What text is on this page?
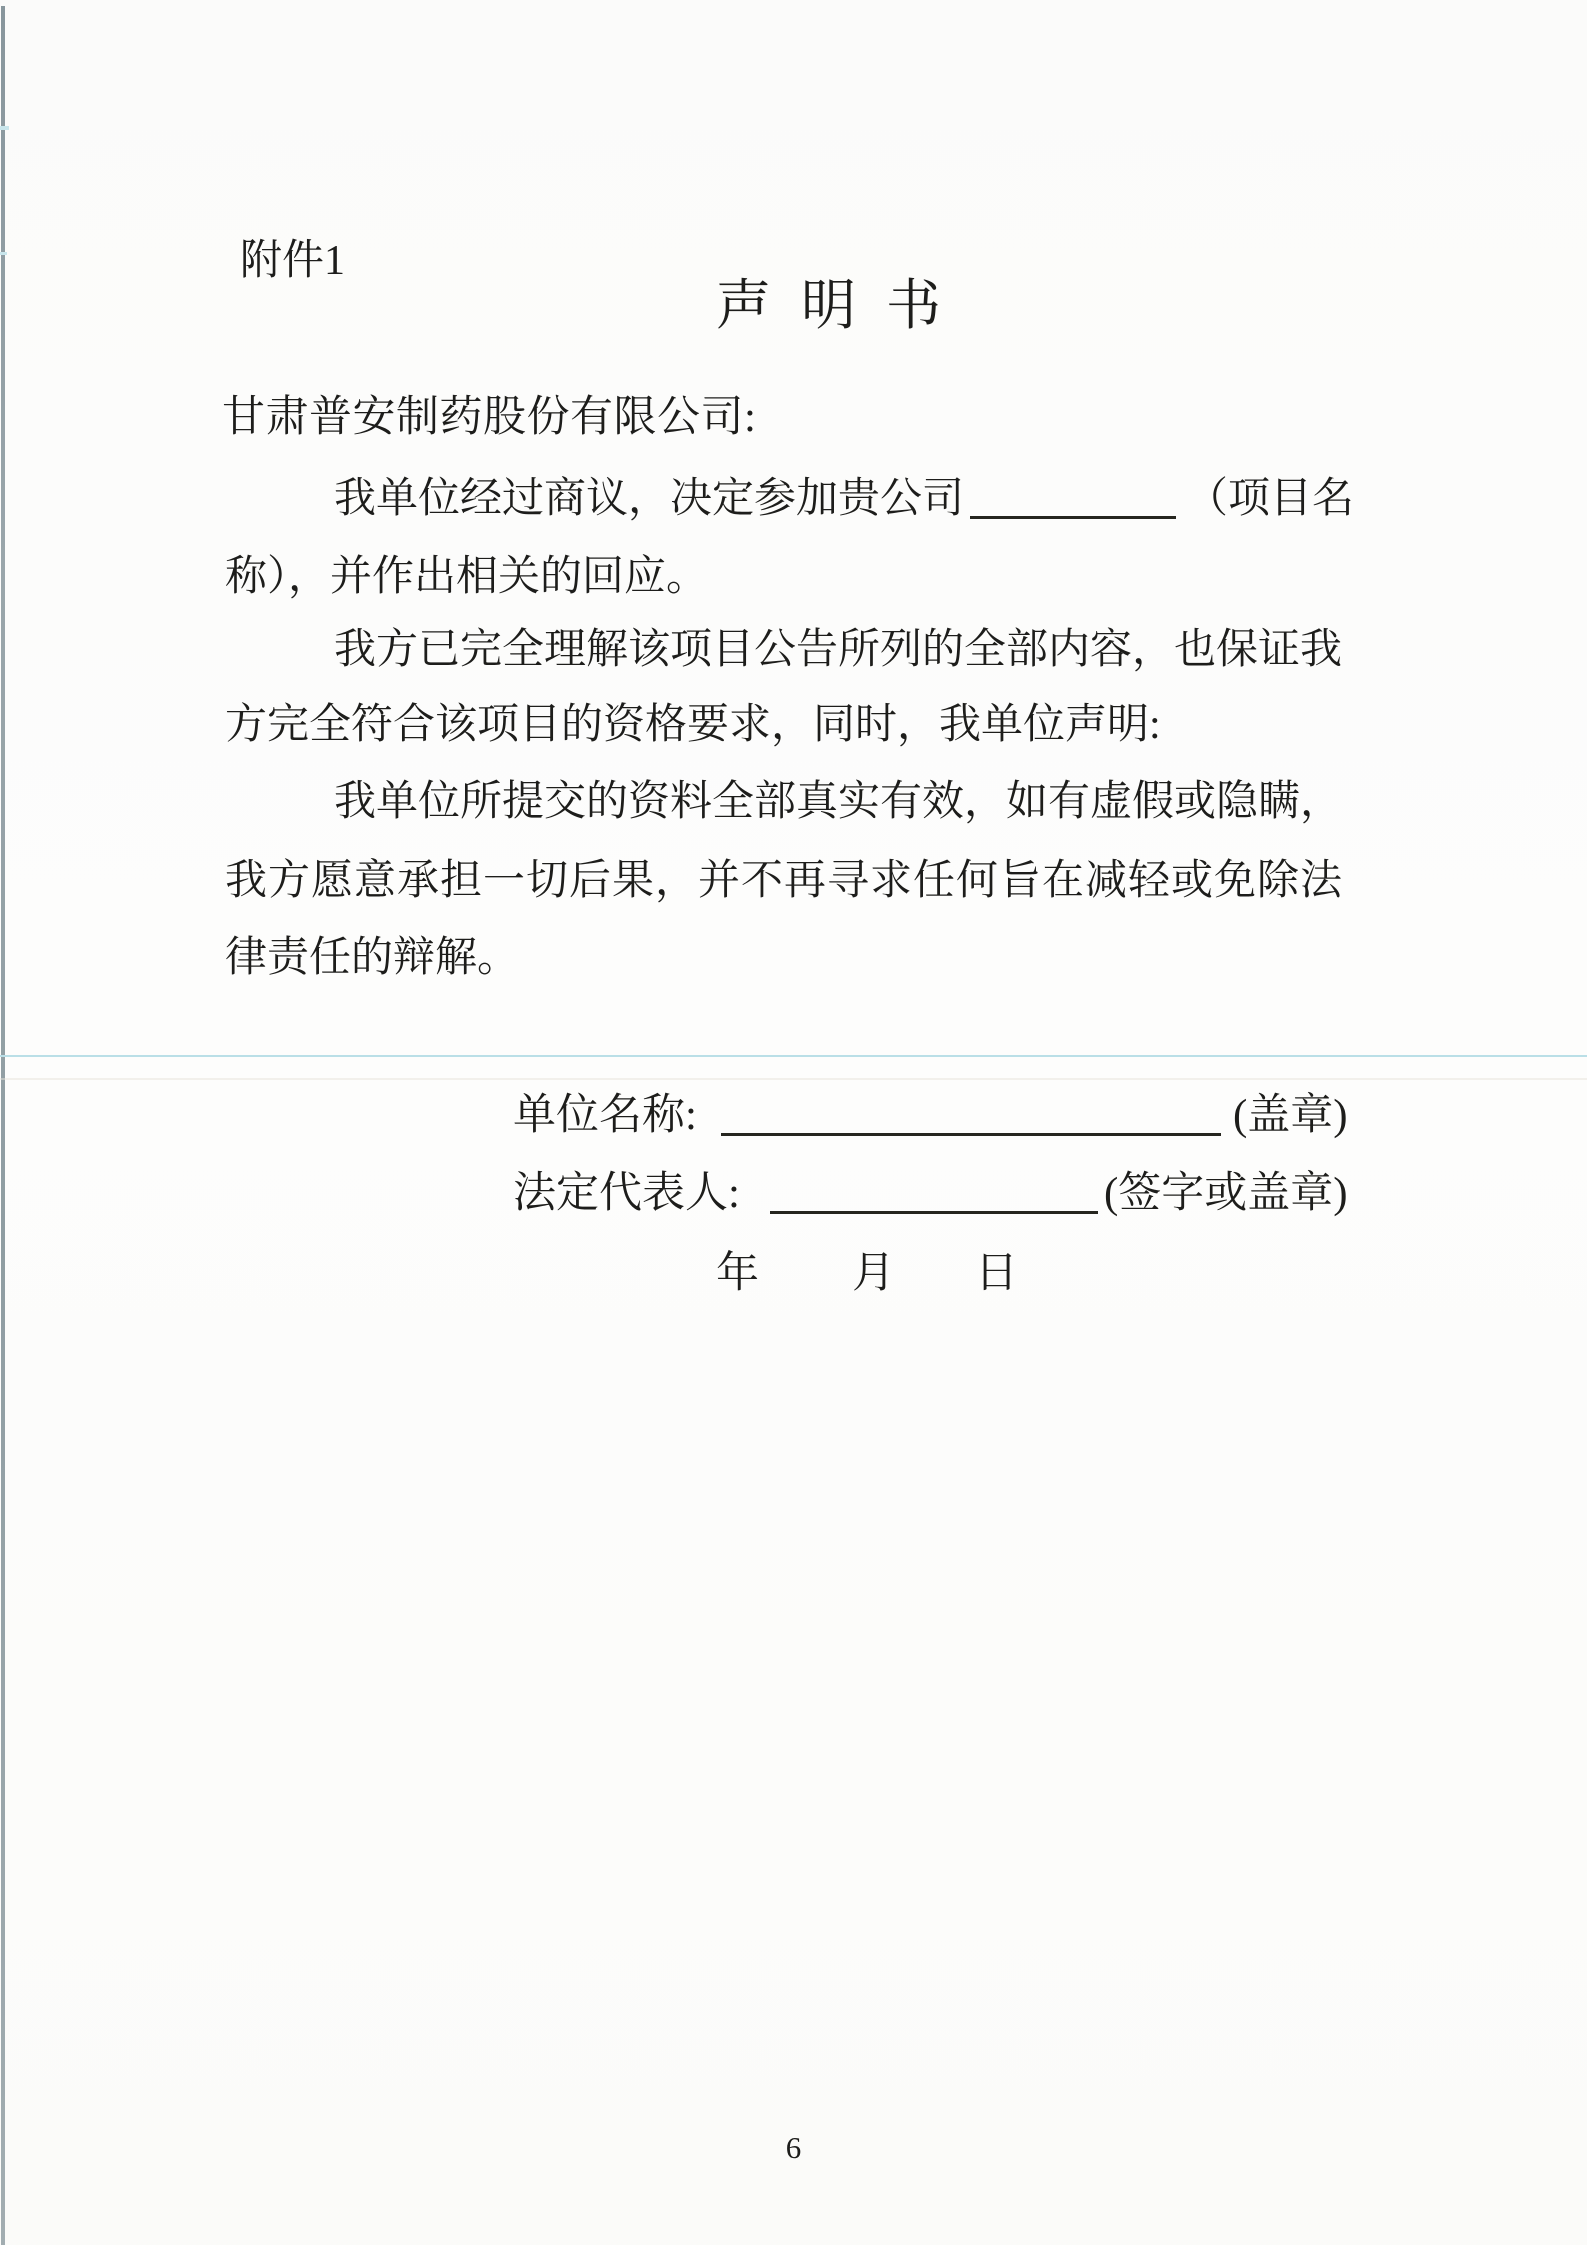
附件1
声明书
甘肃普安制药股份有限公司:
我单位经过商议，决定参加贵公司	（项目名
称），并作出相关的回应。
我方已完全理解该项目公告所列的全部内容，也保证我
方完全符合该项目的资格要求，同时，我单位声明:
我单位所提交的资料全部真实有效，如有虚假或隐瞒，
我方愿意承担一切后果，并不再寻求任何旨在减轻或免除法
律责任的辩解。
单位名称:	(盖章)
法定代表人:	(签字或盖章)
年 月 日
6
